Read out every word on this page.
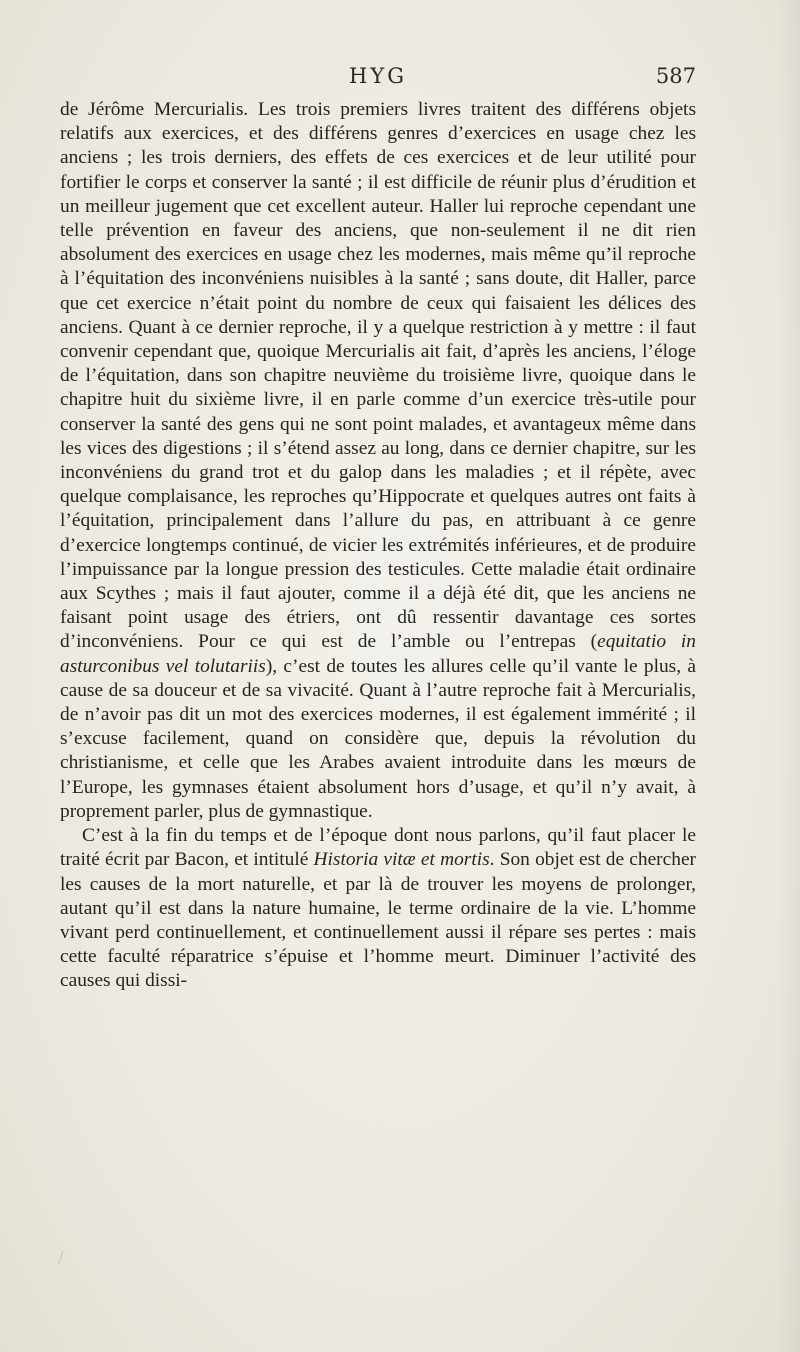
HYG	587

de Jérôme Mercurialis. Les trois premiers livres traitent des différens objets relatifs aux exercices, et des différens genres d’exercices en usage chez les anciens ; les trois derniers, des effets de ces exercices et de leur utilité pour fortifier le corps et conserver la santé ; il est difficile de réunir plus d’érudition et un meilleur jugement que cet excellent auteur. Haller lui reproche cependant une telle prévention en faveur des anciens, que non-seulement il ne dit rien absolument des exercices en usage chez les modernes, mais même qu’il reproche à l’équitation des inconvéniens nuisibles à la santé ; sans doute, dit Haller, parce que cet exercice n’était point du nombre de ceux qui faisaient les délices des anciens. Quant à ce dernier reproche, il y a quelque restriction à y mettre : il faut convenir cependant que, quoique Mercurialis ait fait, d’après les anciens, l’éloge de l’équitation, dans son chapitre neuvième du troisième livre, quoique dans le chapitre huit du sixième livre, il en parle comme d’un exercice très-utile pour conserver la santé des gens qui ne sont point malades, et avantageux même dans les vices des digestions ; il s’étend assez au long, dans ce dernier chapitre, sur les inconvéniens du grand trot et du galop dans les maladies ; et il répète, avec quelque complaisance, les reproches qu’Hippocrate et quelques autres ont faits à l’équitation, principalement dans l’allure du pas, en attribuant à ce genre d’exercice longtemps continué, de vicier les extrémités inférieures, et de produire l’impuissance par la longue pression des testicules. Cette maladie était ordinaire aux Scythes ; mais il faut ajouter, comme il a déjà été dit, que les anciens ne faisant point usage des étriers, ont dû ressentir davantage ces sortes d’inconvéniens. Pour ce qui est de l’amble ou l’entrepas (equitatio in asturconibus vel tolutariis), c’est de toutes les allures celle qu’il vante le plus, à cause de sa douceur et de sa vivacité. Quant à l’autre reproche fait à Mercurialis, de n’avoir pas dit un mot des exercices modernes, il est également immérité ; il s’excuse facilement, quand on considère que, depuis la révolution du christianisme, et celle que les Arabes avaient introduite dans les mœurs de l’Europe, les gymnases étaient absolument hors d’usage, et qu’il n’y avait, à proprement parler, plus de gymnastique.

C’est à la fin du temps et de l’époque dont nous parlons, qu’il faut placer le traité écrit par Bacon, et intitulé Historia vitæ et mortis. Son objet est de chercher les causes de la mort naturelle, et par là de trouver les moyens de prolonger, autant qu’il est dans la nature humaine, le terme ordinaire de la vie. L’homme vivant perd continuellement, et continuellement aussi il répare ses pertes : mais cette faculté réparatrice s’épuise et l’homme meurt. Diminuer l’activité des causes qui dissi-
